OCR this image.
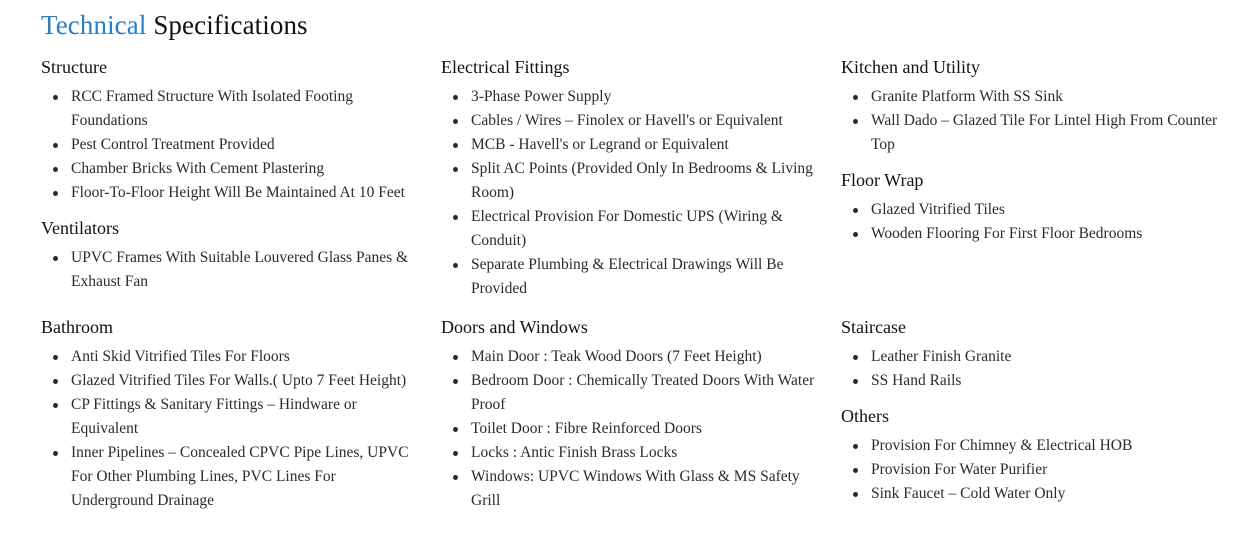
Technical Specifications
Structure
RCC Framed Structure With Isolated Footing Foundations
Pest Control Treatment Provided
Chamber Bricks With Cement Plastering
Floor-To-Floor Height Will Be Maintained At 10 Feet
Ventilators
UPVC Frames With Suitable Louvered Glass Panes & Exhaust Fan
Electrical Fittings
3-Phase Power Supply
Cables / Wires – Finolex or Havell's or Equivalent
MCB - Havell's or Legrand or Equivalent
Split AC Points (Provided Only In Bedrooms & Living Room)
Electrical Provision For Domestic UPS (Wiring & Conduit)
Separate Plumbing & Electrical Drawings Will Be Provided
Kitchen and Utility
Granite Platform With SS Sink
Wall Dado – Glazed Tile For Lintel High From Counter Top
Floor Wrap
Glazed Vitrified Tiles
Wooden Flooring For First Floor Bedrooms
Bathroom
Anti Skid Vitrified Tiles For Floors
Glazed Vitrified Tiles For Walls.( Upto 7 Feet Height)
CP Fittings & Sanitary Fittings – Hindware or Equivalent
Inner Pipelines – Concealed CPVC Pipe Lines, UPVC For Other Plumbing Lines, PVC Lines For Underground Drainage
Doors and Windows
Main Door : Teak Wood Doors (7 Feet Height)
Bedroom Door : Chemically Treated Doors With Water Proof
Toilet Door : Fibre Reinforced Doors
Locks : Antic Finish Brass Locks
Windows: UPVC Windows With Glass & MS Safety Grill
Staircase
Leather Finish Granite
SS Hand Rails
Others
Provision For Chimney & Electrical HOB
Provision For Water Purifier
Sink Faucet – Cold Water Only
